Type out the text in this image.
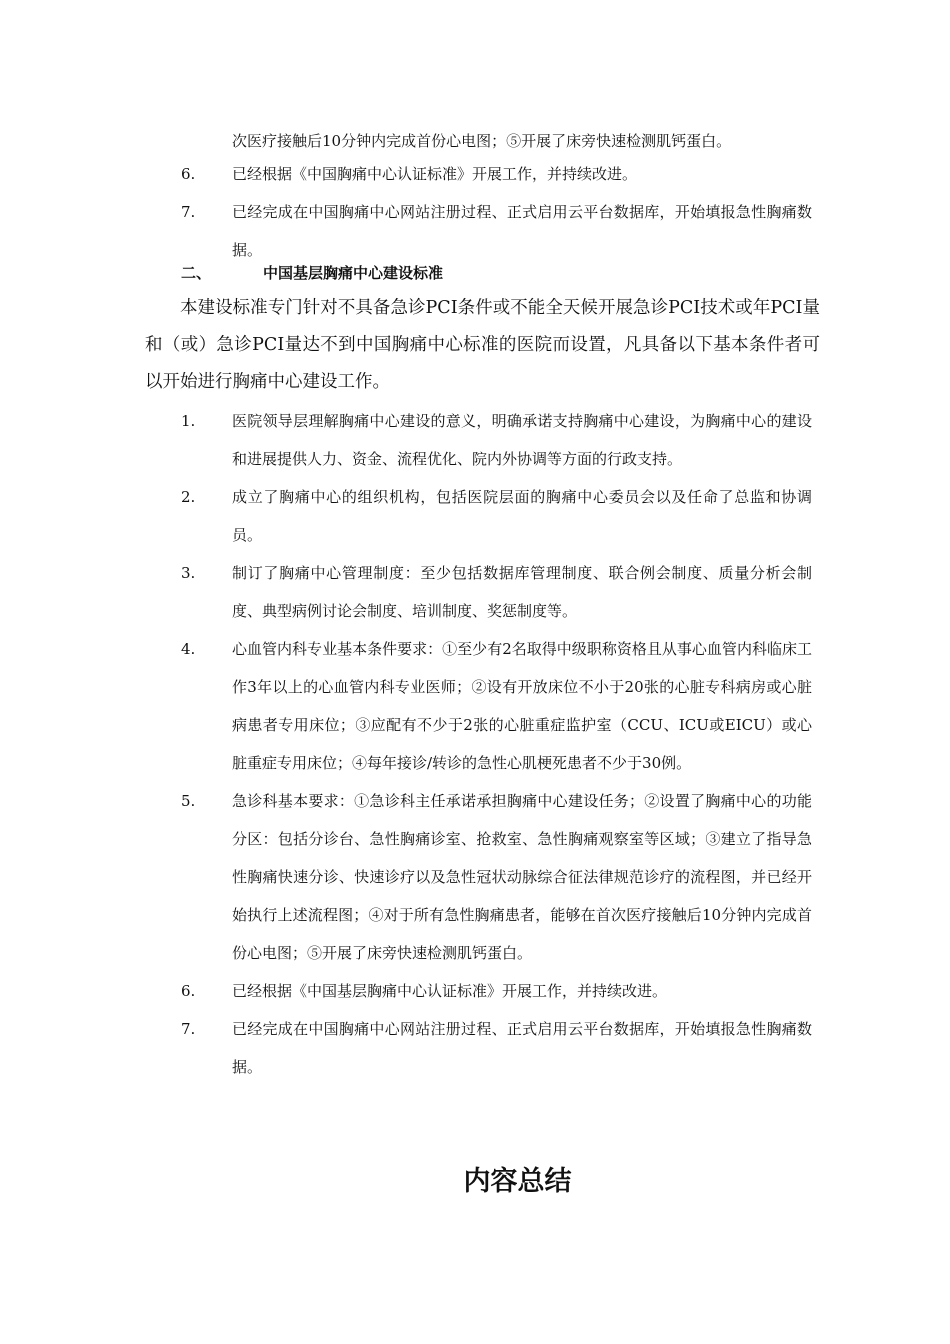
次医疗接触后10分钟内完成首份心电图；⑤开展了床旁快速检测肌钙蛋白。
6. 已经根据《中国胸痛中心认证标准》开展工作，并持续改进。
7. 已经完成在中国胸痛中心网站注册过程、正式启用云平台数据库，开始填报急性胸痛数据。
二、	中国基层胸痛中心建设标准
本建设标准专门针对不具备急诊PCI条件或不能全天候开展急诊PCI技术或年PCI量和（或）急诊PCI量达不到中国胸痛中心标准的医院而设置，凡具备以下基本条件者可以开始进行胸痛中心建设工作。
1. 医院领导层理解胸痛中心建设的意义，明确承诺支持胸痛中心建设，为胸痛中心的建设和进展提供人力、资金、流程优化、院内外协调等方面的行政支持。
2. 成立了胸痛中心的组织机构，包括医院层面的胸痛中心委员会以及任命了总监和协调员。
3. 制订了胸痛中心管理制度：至少包括数据库管理制度、联合例会制度、质量分析会制度、典型病例讨论会制度、培训制度、奖惩制度等。
4. 心血管内科专业基本条件要求：①至少有2名取得中级职称资格且从事心血管内科临床工作3年以上的心血管内科专业医师；②设有开放床位不小于20张的心脏专科病房或心脏病患者专用床位；③应配有不少于2张的心脏重症监护室（CCU、ICU或EICU）或心脏重症专用床位；④每年接诊/转诊的急性心肌梗死患者不少于30例。
5. 急诊科基本要求：①急诊科主任承诺承担胸痛中心建设任务；②设置了胸痛中心的功能分区：包括分诊台、急性胸痛诊室、抢救室、急性胸痛观察室等区域；③建立了指导急性胸痛快速分诊、快速诊疗以及急性冠状动脉综合征法律规范诊疗的流程图，并已经开始执行上述流程图；④对于所有急性胸痛患者，能够在首次医疗接触后10分钟内完成首份心电图；⑤开展了床旁快速检测肌钙蛋白。
6. 已经根据《中国基层胸痛中心认证标准》开展工作，并持续改进。
7. 已经完成在中国胸痛中心网站注册过程、正式启用云平台数据库，开始填报急性胸痛数据。
内容总结
